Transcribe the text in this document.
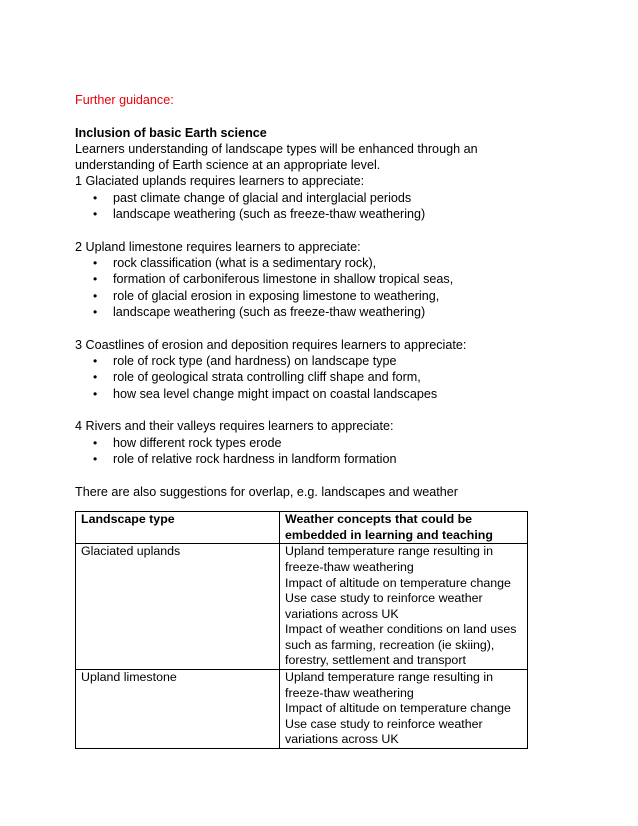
Further guidance:

Inclusion of basic Earth science

Learners understanding of landscape types will be enhanced through an understanding of Earth science at an appropriate level.

1 Glaciated uplands requires learners to appreciate:

• past climate change of glacial and interglacial periods
• landscape weathering (such as freeze-thaw weathering)

2 Upland limestone requires learners to appreciate:

• rock classification (what is a sedimentary rock),
• formation of carboniferous limestone in shallow tropical seas,
• role of glacial erosion in exposing limestone to weathering,
• landscape weathering (such as freeze-thaw weathering)

3 Coastlines of erosion and deposition requires learners to appreciate:

• role of rock type (and hardness) on landscape type
• role of geological strata controlling cliff shape and form,
• how sea level change might impact on coastal landscapes

4 Rivers and their valleys requires learners to appreciate:

• how different rock types erode
• role of relative rock hardness in landform formation

There are also suggestions for overlap, e.g. landscapes and weather

Landscape type	Weather concepts that could be embedded in learning and teaching
Glaciated uplands	Upland temperature range resulting in freeze-thaw weathering
Impact of altitude on temperature change
Use case study to reinforce weather variations across UK
Impact of weather conditions on land uses such as farming, recreation (ie skiing), forestry, settlement and transport

Upland limestone	Upland temperature range resulting in freeze-thaw weathering
Impact of altitude on temperature change
Use case study to reinforce weather variations across UK
